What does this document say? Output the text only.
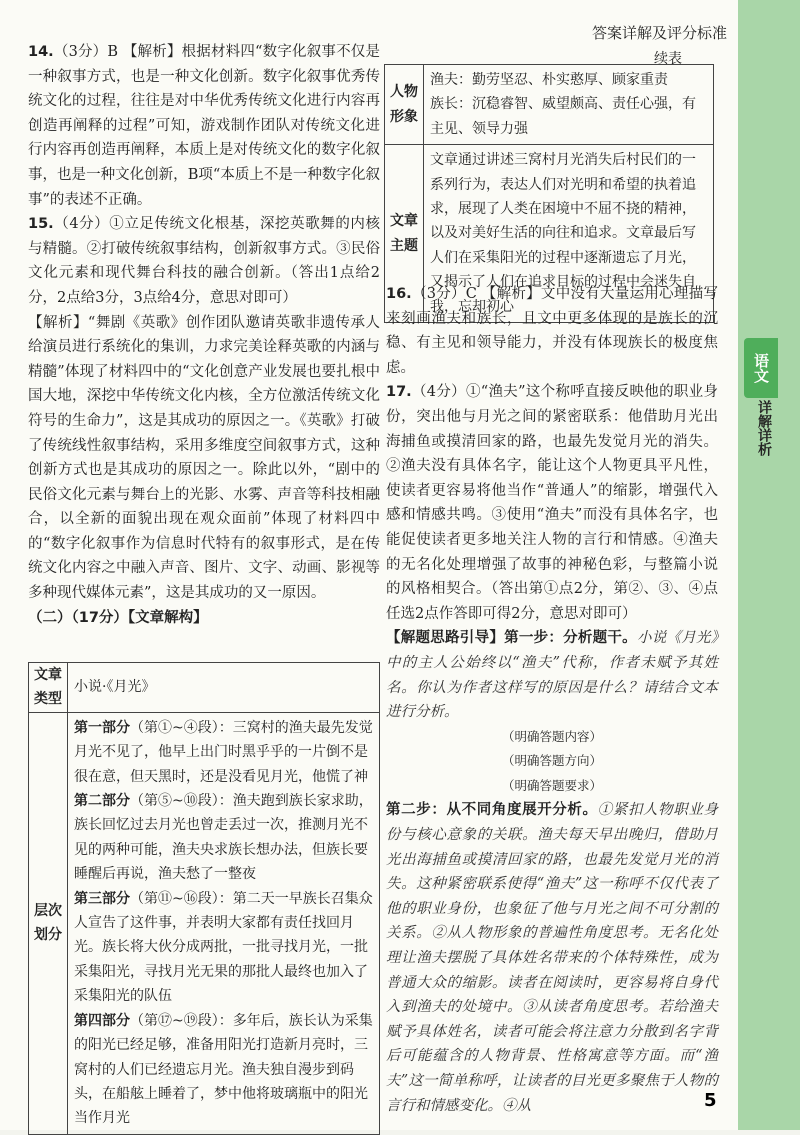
语文
详解详析
答案详解及评分标准
续表

14.（3分）B 【解析】根据材料四“数字化叙事不仅是一种叙事方式，也是一种文化创新。数字化叙事优秀传统文化的过程，往往是对中华优秀传统文化进行内容再创造再阐释的过程”可知，游戏制作团队对传统文化进行内容再创造再阐释，本质上是对传统文化的数字化叙事，也是一种文化创新，B项“本质上不是一种数字化叙事”的表述不正确。

15.（4分）①立足传统文化根基，深挖英歌舞的内核与精髓。②打破传统叙事结构，创新叙事方式。③民俗文化元素和现代舞台科技的融合创新。（答出1点给2分，2点给3分，3点给4分，意思对即可）

【解析】“舞剧《英歌》创作团队邀请英歌非遗传承人给演员进行系统化的集训，力求完美诠释英歌的内涵与精髓”体现了材料四中的“文化创意产业发展也要扎根中国大地，深挖中华传统文化内核，全方位激活传统文化符号的生命力”，这是其成功的原因之一。《英歌》打破了传统线性叙事结构，采用多维度空间叙事方式，这种创新方式也是其成功的原因之一。除此以外，“剧中的民俗文化元素与舞台上的光影、水雾、声音等科技相融合，以全新的面貌出现在观众面前”体现了材料四中的“数字化叙事作为信息时代特有的叙事形式，是在传统文化内容之中融入声音、图片、文字、动画、影视等多种现代媒体元素”，这是其成功的又一原因。

（二）（17分）【文章解构】

人物形象	渔夫：勤劳坚忍、朴实憨厚、顾家重责
族长：沉稳睿智、威望颇高、责任心强，有主见、领导力强

文章主题	文章通过讲述三窝村月光消失后村民们的一系列行为，表达人们对光明和希望的执着追求，展现了人类在困境中不屈不挠的精神，以及对美好生活的向往和追求。文章最后写人们在采集阳光的过程中逐渐遗忘了月光，又揭示了人们在追求目标的过程中会迷失自我，忘却初心

16.（3分）C 【解析】文中没有大量运用心理描写来刻画渔夫和族长，且文中更多体现的是族长的沉稳、有主见和领导能力，并没有体现族长的极度焦虑。

17.（4分）①“渔夫”这个称呼直接反映他的职业身份，突出他与月光之间的紧密联系：他借助月光出海捕鱼或摸清回家的路，也最先发觉月光的消失。②渔夫没有具体名字，能让这个人物更具平凡性，使读者更容易将他当作“普通人”的缩影，增强代入感和情感共鸣。③使用“渔夫”而没有具体名字，也能促使读者更多地关注人物的言行和情感。④渔夫的无名化处理增强了故事的神秘色彩，与整篇小说的风格相契合。（答出第①点2分，第②、③、④点任选2点作答即可得2分，意思对即可）

【解题思路引导】第一步：分析题干。小说《月光》中的主人公始终以“渔夫”代称，作者未赋予其姓名。你认为作者这样写的原因是什么？请结合文本进行分析。

（明确答题内容）
（明确答题方向）
（明确答题要求）

第二步：从不同角度展开分析。①紧扣人物职业身份与核心意象的关联。渔夫每天早出晚归，借助月光出海捕鱼或摸清回家的路，也最先发觉月光的消失。这种紧密联系使得“渔夫”这一称呼不仅代表了他的职业身份，也象征了他与月光之间不可分割的关系。②从人物形象的普遍性角度思考。无名化处理让渔夫摆脱了具体姓名带来的个体特殊性，成为普通大众的缩影。读者在阅读时，更容易将自身代入到渔夫的处境中。③从读者角度思考。若给渔夫赋予具体姓名，读者可能会将注意力分散到名字背后可能蕴含的人物背景、性格寓意等方面。而“渔夫”这一简单称呼，让读者的目光更多聚焦于人物的言行和情感变化。④从

文章类型	小说·《月光》
层次划分	第一部分（第①~④段）：三窝村的渔夫最先发觉月光不见了，他早上出门时黑乎乎的一片倒不是很在意，但天黑时，还是没看见月光，他慌了神
第二部分（第⑤~⑩段）：渔夫跑到族长家求助，族长回忆过去月光也曾走丢过一次，推测月光不见的两种可能，渔夫央求族长想办法，但族长要睡醒后再说，渔夫愁了一整夜
第三部分（第⑪~⑯段）：第二天一早族长召集众人宣告了这件事，并表明大家都有责任找回月光。族长将大伙分成两批，一批寻找月光，一批采集阳光，寻找月光无果的那批人最终也加入了采集阳光的队伍
第四部分（第⑰~⑲段）：多年后，族长认为采集的阳光已经足够，准备用阳光打造新月亮时，三窝村的人们已经遗忘月光。渔夫独自漫步到码头，在船舷上睡着了，梦中他将玻璃瓶中的阳光当作月光
5
